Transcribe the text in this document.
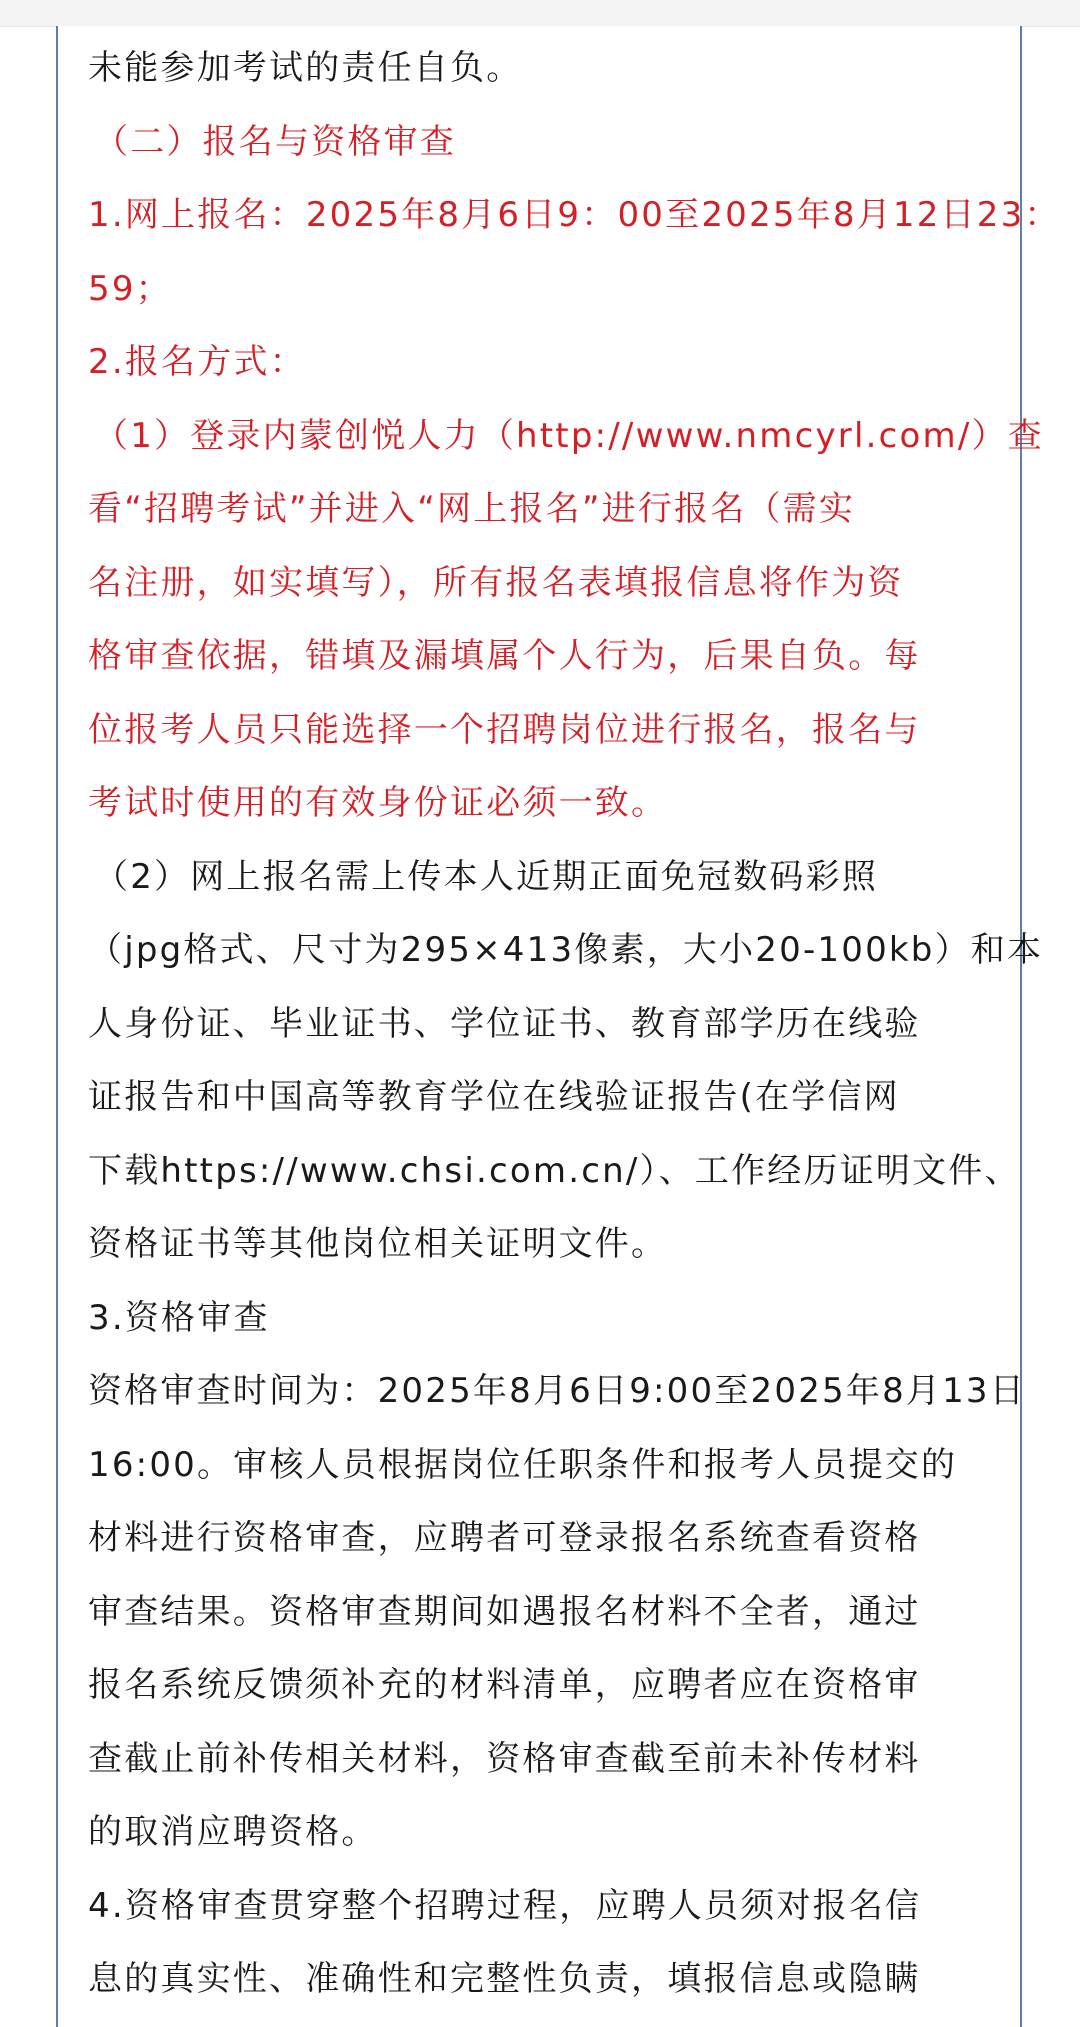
未能参加考试的责任自负。
（二）报名与资格审查
1.网上报名：2025年8月6日9：00至2025年8月12日23：
59；
2.报名方式：
（1）登录内蒙创悦人力（http://www.nmcyrl.com/）查
看“招聘考试”并进入“网上报名”进行报名（需实
名注册，如实填写），所有报名表填报信息将作为资
格审查依据，错填及漏填属个人行为，后果自负。每
位报考人员只能选择一个招聘岗位进行报名，报名与
考试时使用的有效身份证必须一致。
（2）网上报名需上传本人近期正面免冠数码彩照
（jpg格式、尺寸为295×413像素，大小20-100kb）和本
人身份证、毕业证书、学位证书、教育部学历在线验
证报告和中国高等教育学位在线验证报告(在学信网
下载https://www.chsi.com.cn/）、工作经历证明文件、
资格证书等其他岗位相关证明文件。
3.资格审查
资格审查时间为：2025年8月6日9:00至2025年8月13日
16:00。审核人员根据岗位任职条件和报考人员提交的
材料进行资格审查，应聘者可登录报名系统查看资格
审查结果。资格审查期间如遇报名材料不全者，通过
报名系统反馈须补充的材料清单，应聘者应在资格审
查截止前补传相关材料，资格审查截至前未补传材料
的取消应聘资格。
4.资格审查贯穿整个招聘过程，应聘人员须对报名信
息的真实性、准确性和完整性负责，填报信息或隐瞒
